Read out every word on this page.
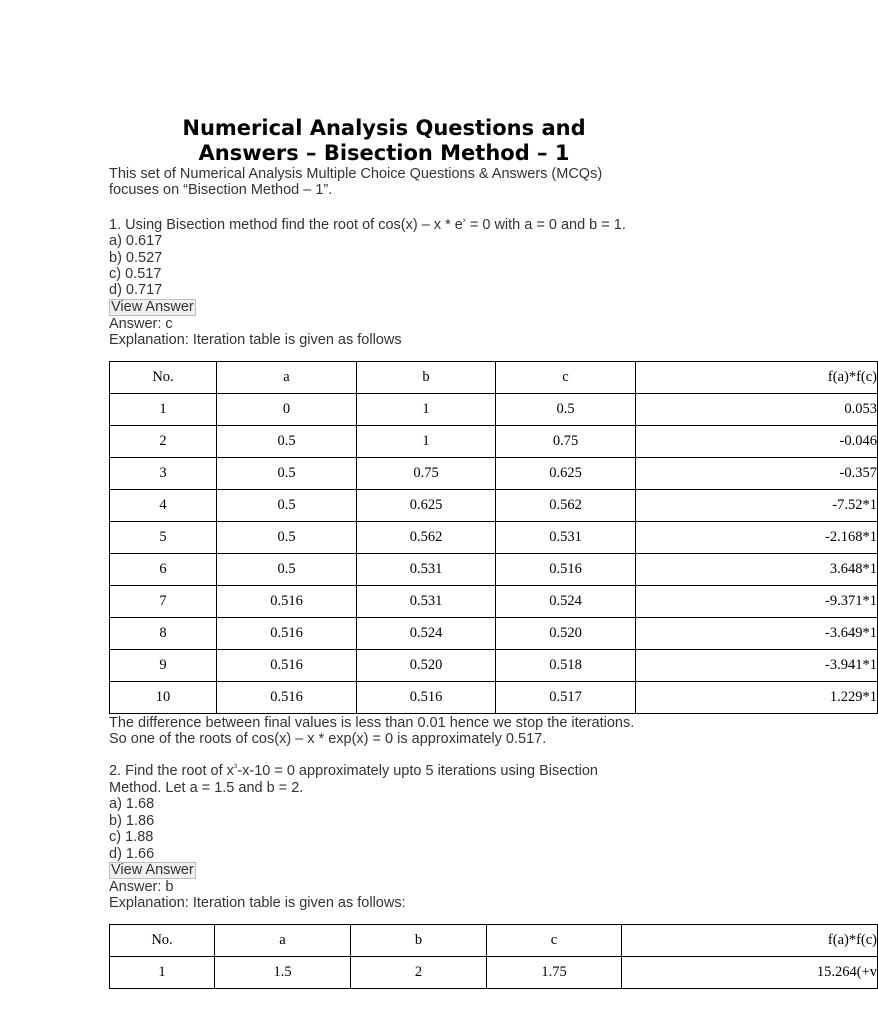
Numerical Analysis Questions and
Answers – Bisection Method – 1
This set of Numerical Analysis Multiple Choice Questions & Answers (MCQs)
focuses on “Bisection Method – 1”.
1. Using Bisection method find the root of $\cos(x) - x * e^x = 0$ with a = 0 and b = 1.
a) 0.617
b) 0.527
c) 0.517
d) 0.717
View Answer
Answer: c
Explanation: Iteration table is given as follows
No.	a	b	c	f(a)*f(c)
1	0	1	0.5	0.053
2	0.5	1	0.75	-0.046
3	0.5	0.75	0.625	-0.357
4	0.5	0.625	0.562	-7.52*1
5	0.5	0.562	0.531	-2.168*1
6	0.5	0.531	0.516	3.648*1
7	0.516	0.531	0.524	-9.371*1
8	0.516	0.524	0.520	-3.649*1
9	0.516	0.520	0.518	-3.941*1
10	0.516	0.516	0.517	1.229*1
The difference between final values is less than 0.01 hence we stop the iterations.
So one of the roots of cos(x) – x * exp(x) = 0 is approximately 0.517.
2. Find the root of $x^3-x-10 = 0$ approximately upto 5 iterations using Bisection
Method. Let a = 1.5 and b = 2.
a) 1.68
b) 1.86
c) 1.88
d) 1.66
View Answer
Answer: b
Explanation: Iteration table is given as follows:
No.	a	b	c	f(a)*f(c)
1	1.5	2	1.75	15.264(+v
